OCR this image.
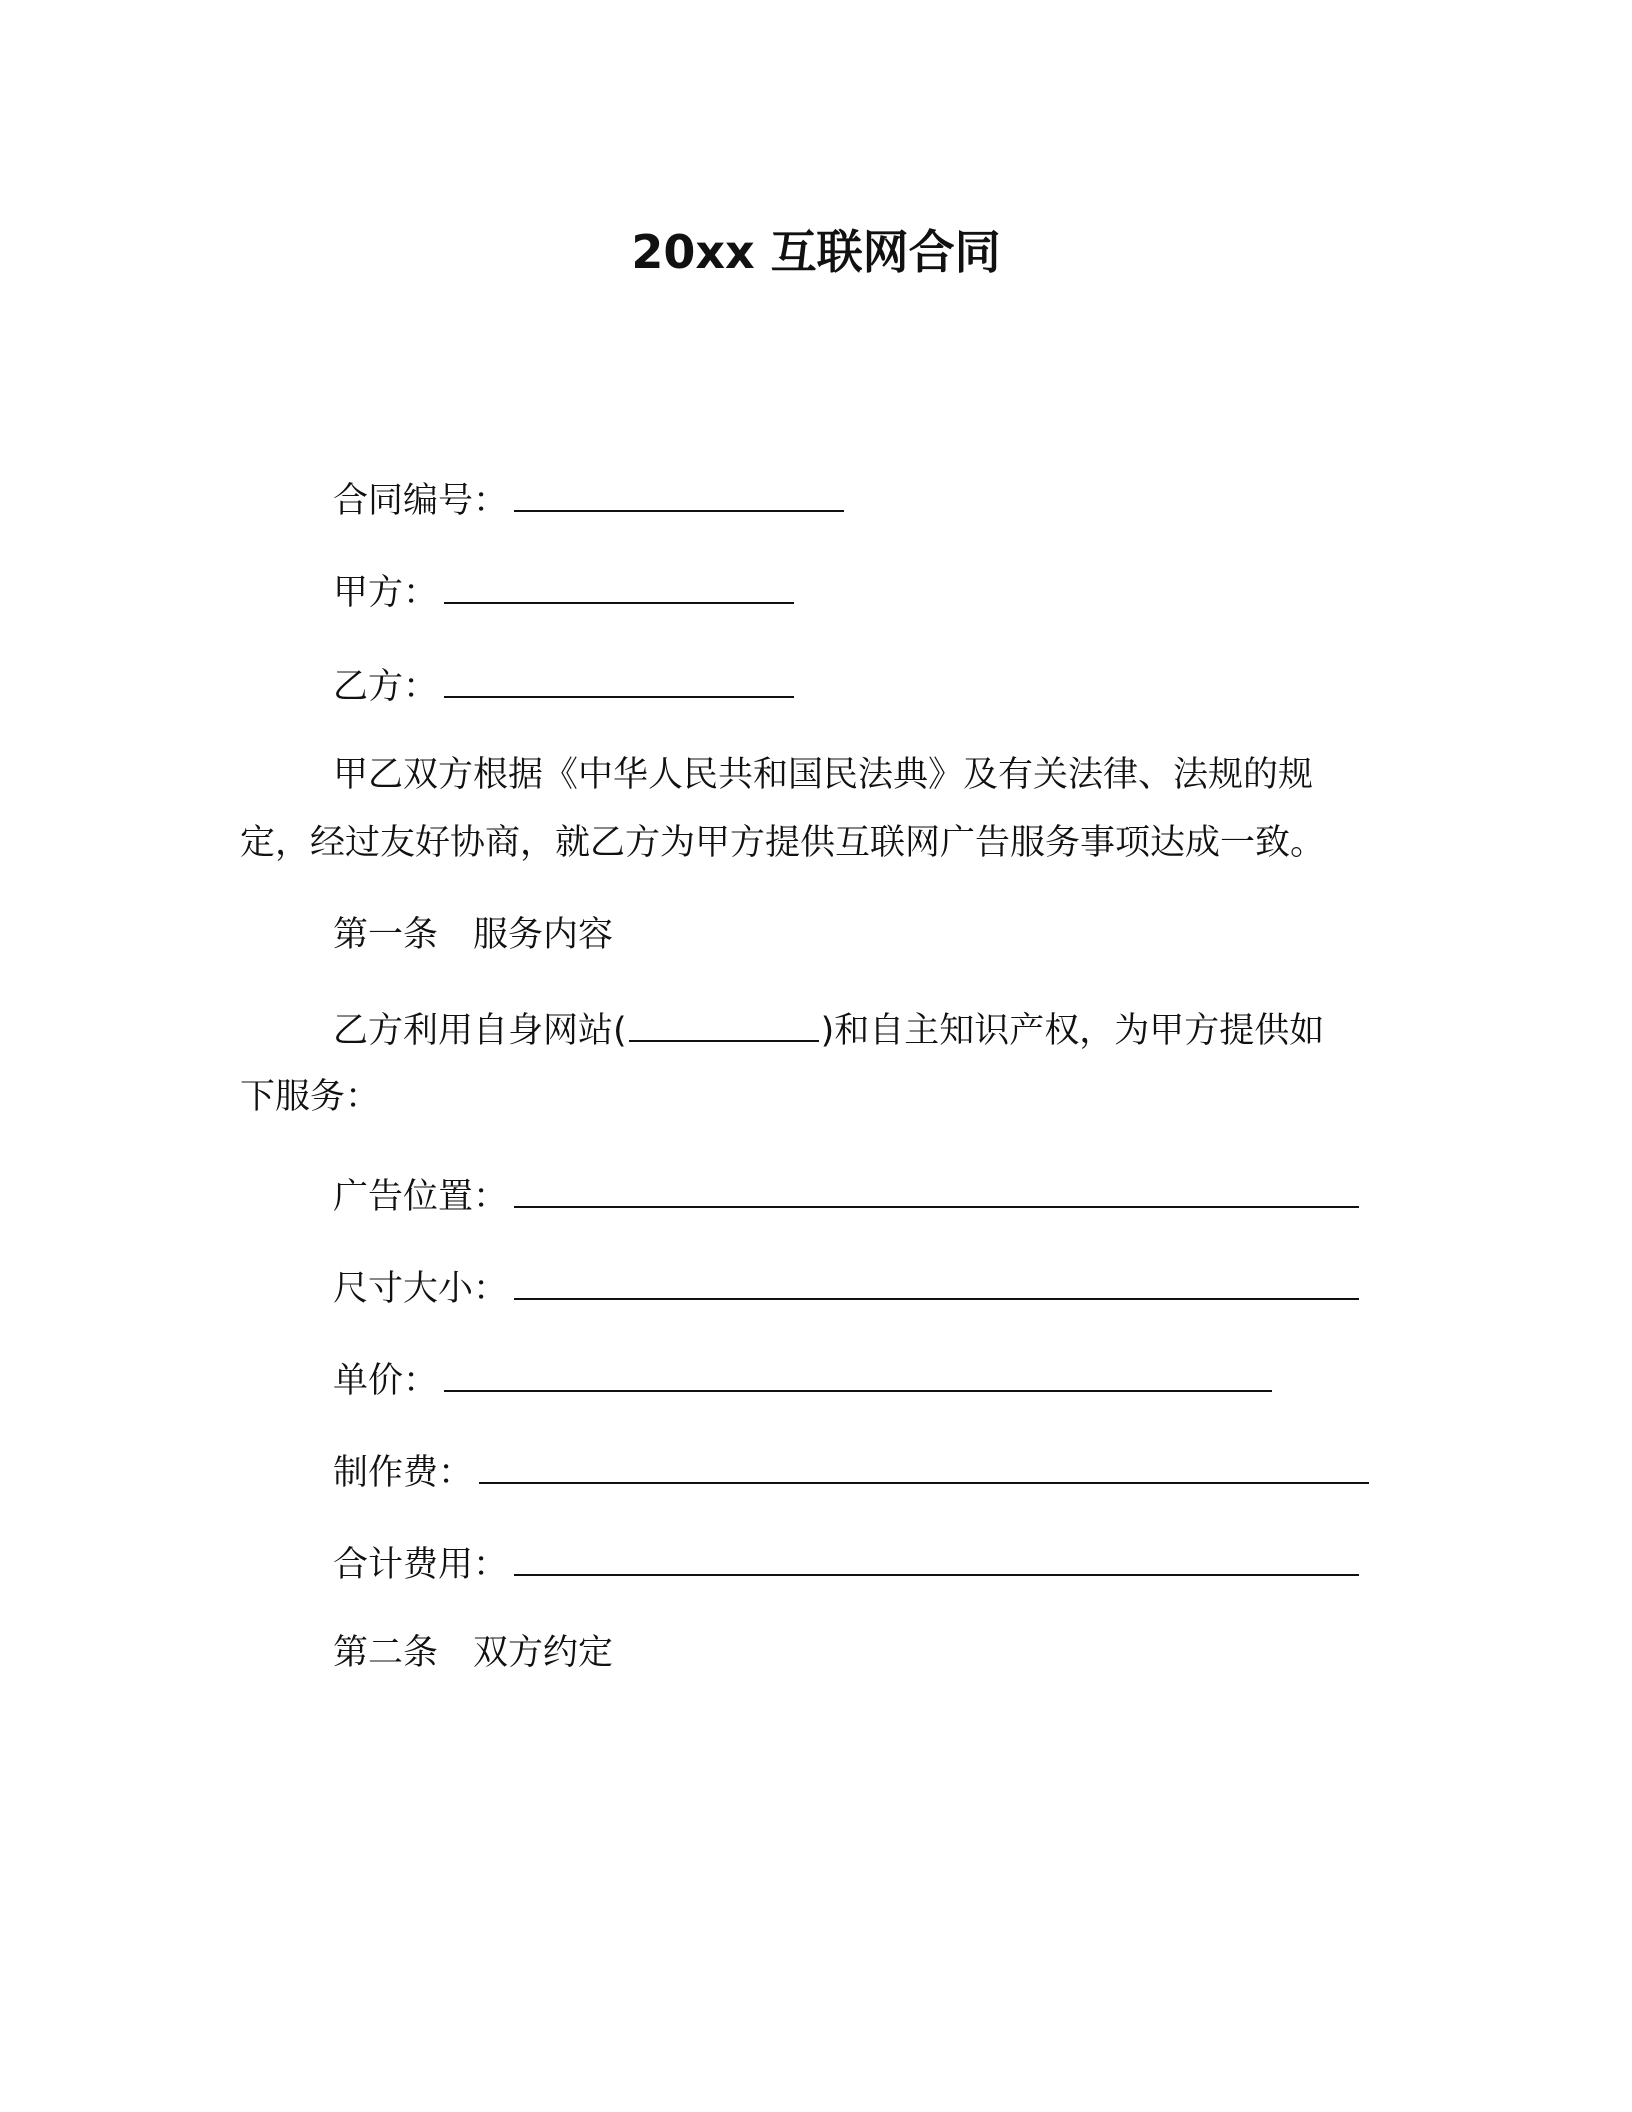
20xx 互联网合同
合同编号：
甲方：
乙方：
甲乙双方根据《中华人民共和国民法典》及有关法律、法规的规
定，经过友好协商，就乙方为甲方提供互联网广告服务事项达成一致。
第一条　服务内容
乙方利用自身网站(	)和自主知识产权，为甲方提供如
下服务：
广告位置：
尺寸大小：
单价：
制作费：
合计费用：
第二条　双方约定
